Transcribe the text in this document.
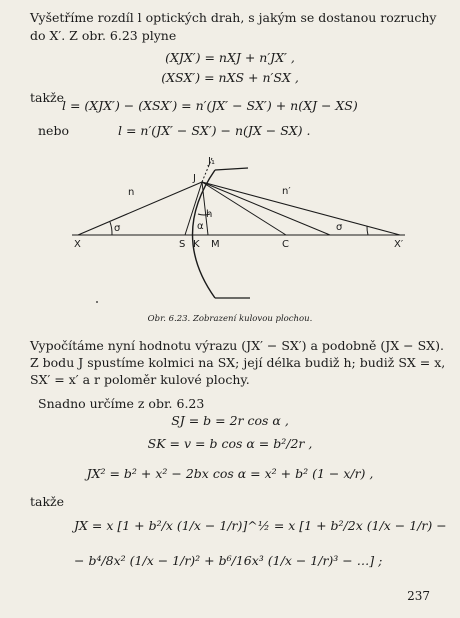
Vyšetříme rozdíl l optických drah, s jakým se dostanou rozruchy
do X′. Z obr. 6.23 plyne
(XJX′) = nXJ + n′JX′ ,
(XSX′) = nXS + n′SX ,
takže
l = (XJX′) − (XSX′) = n′(JX′ − SX′) + n(XJ − XS)
nebo	l = n′(JX′ − SX′) − n(JX − SX) .
J₁
J
n	n′
σ	σ
α
h
X	S K M	C	X′
Obr. 6.23. Zobrazení kulovou plochou.
Vypočítáme nyní hodnotu výrazu (JX′ − SX′) a podobně (JX − SX).
Z bodu J spustíme kolmici na SX; její délka budiž h; budiž SX = x,
SX′ = x′ a r poloměr kulové plochy.
Snadno určíme z obr. 6.23
SJ = b = 2r cos α ,
SK = v = b cos α = b²/2r ,
JX² = b² + x² − 2bx cos α = x² + b² (1 − x/r) ,
takže
JX = x [1 + b²/x (1/x − 1/r)]^½ = x [1 + b²/2x (1/x − 1/r) −
− b⁴/8x² (1/x − 1/r)² + b⁶/16x³ (1/x − 1/r)³ − …] ;
237
